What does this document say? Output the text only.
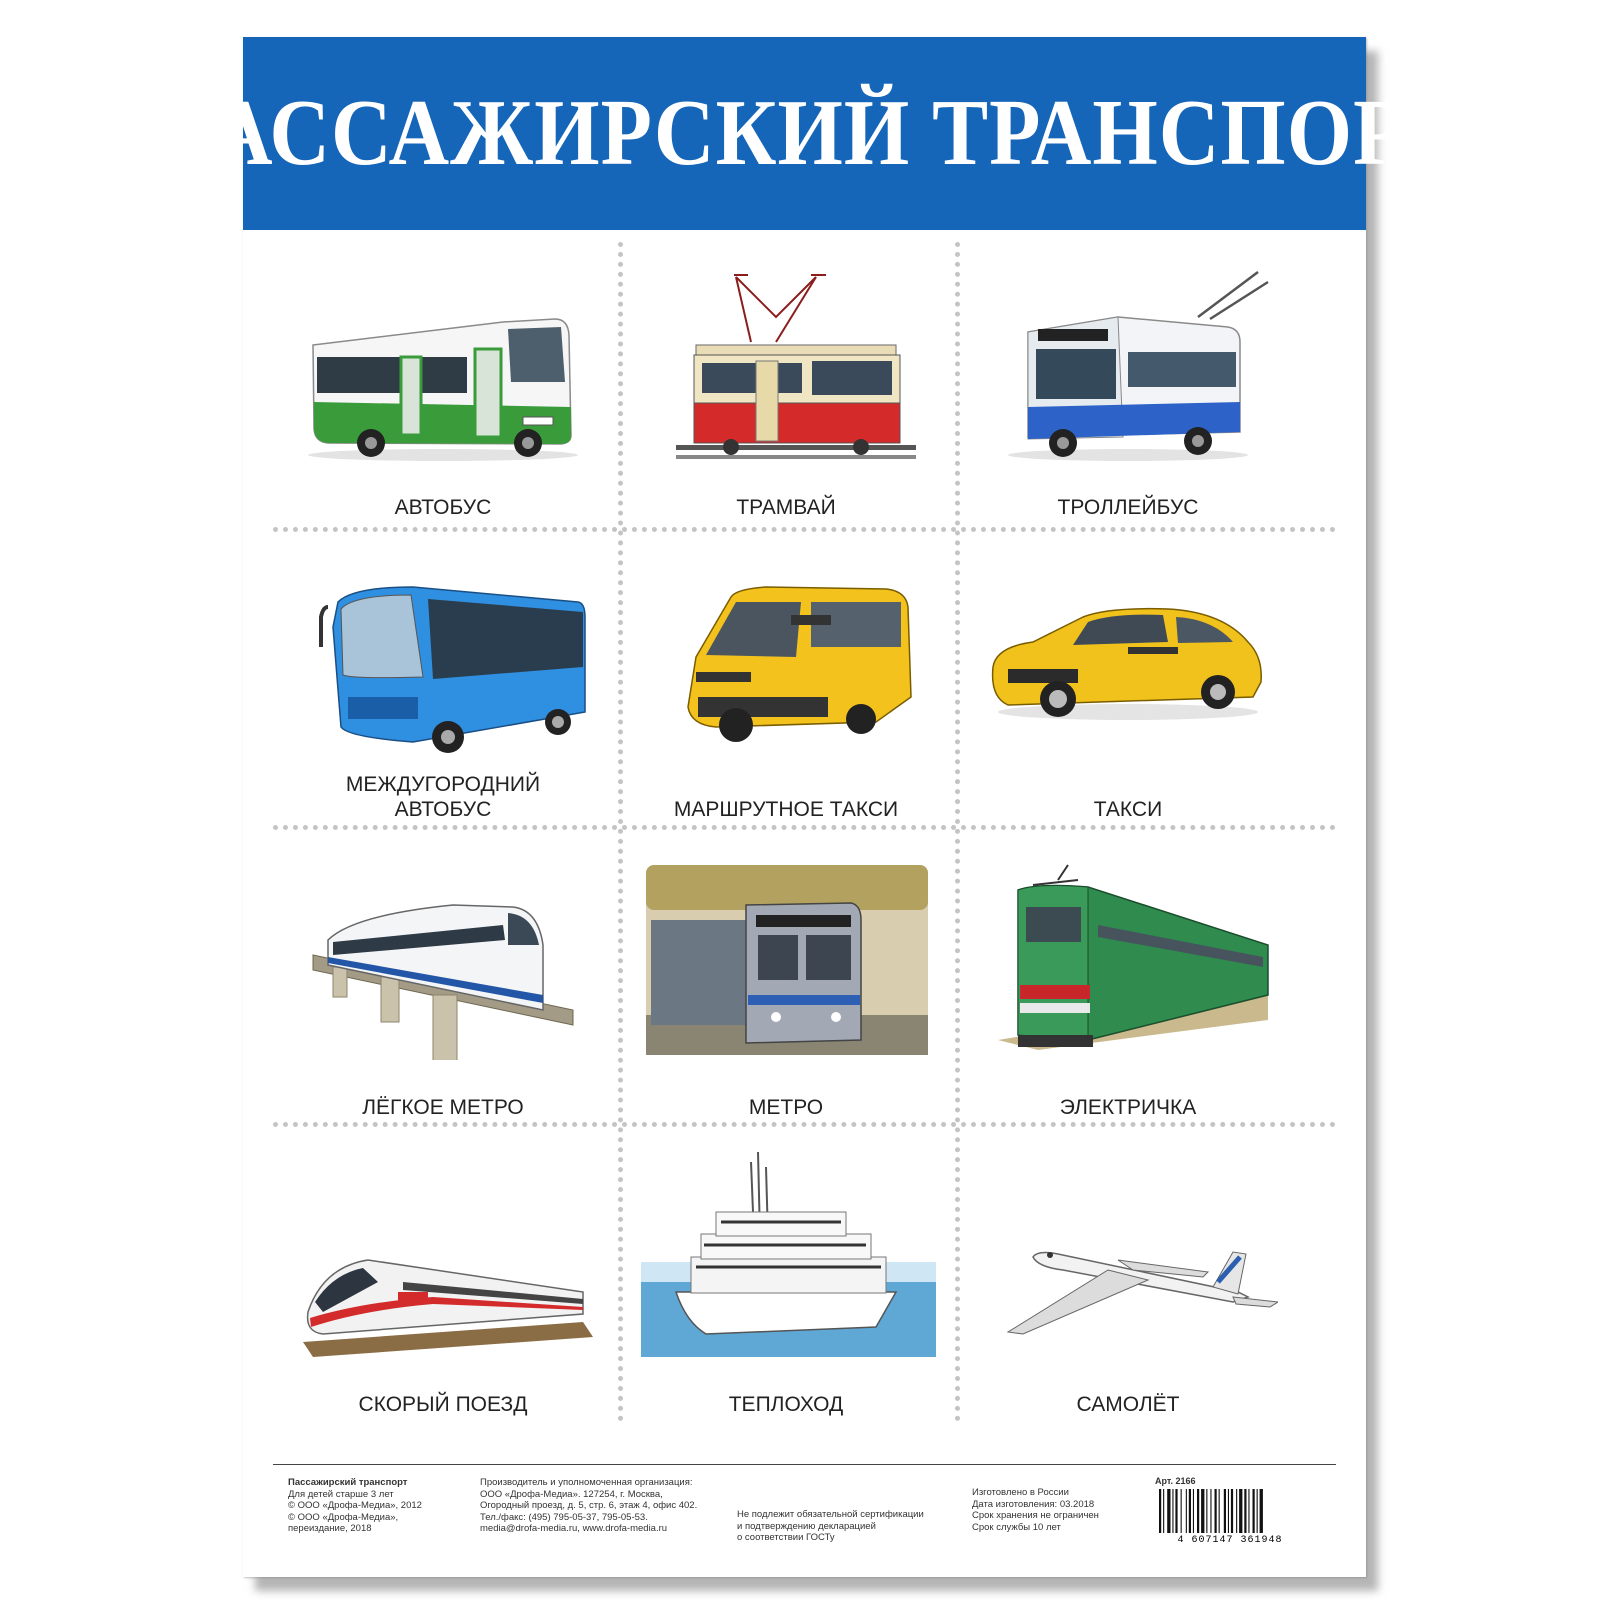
ПАССАЖИРСКИЙ ТРАНСПОРТ
АВТОБУС	ТРАМВАЙ	ТРОЛЛЕЙБУС
МЕЖДУГОРОДНИЙ
АВТОБУС	МАРШРУТНОЕ ТАКСИ	ТАКСИ
ЛЁГКОЕ МЕТРО	МЕТРО	ЭЛЕКТРИЧКА
СКОРЫЙ ПОЕЗД	ТЕПЛОХОД	САМОЛЁТ
Пассажирский транспорт
Для детей старше 3 лет
© ООО «Дрофа-Медиа», 2012
© ООО «Дрофа-Медиа»,
переиздание, 2018
Производитель и уполномоченная организация:
ООО «Дрофа-Медиа». 127254, г. Москва,
Огородный проезд, д. 5, стр. 6, этаж 4, офис 402.
Тел./факс: (495) 795-05-37, 795-05-53.
media@drofa-media.ru, www.drofa-media.ru
Не подлежит обязательной сертификации
и подтверждению декларацией
о соответствии ГОСТу
Изготовлено в России
Дата изготовления: 03.2018
Срок хранения не ограничен
Срок службы 10 лет
Арт. 2166
4 607147 361948
